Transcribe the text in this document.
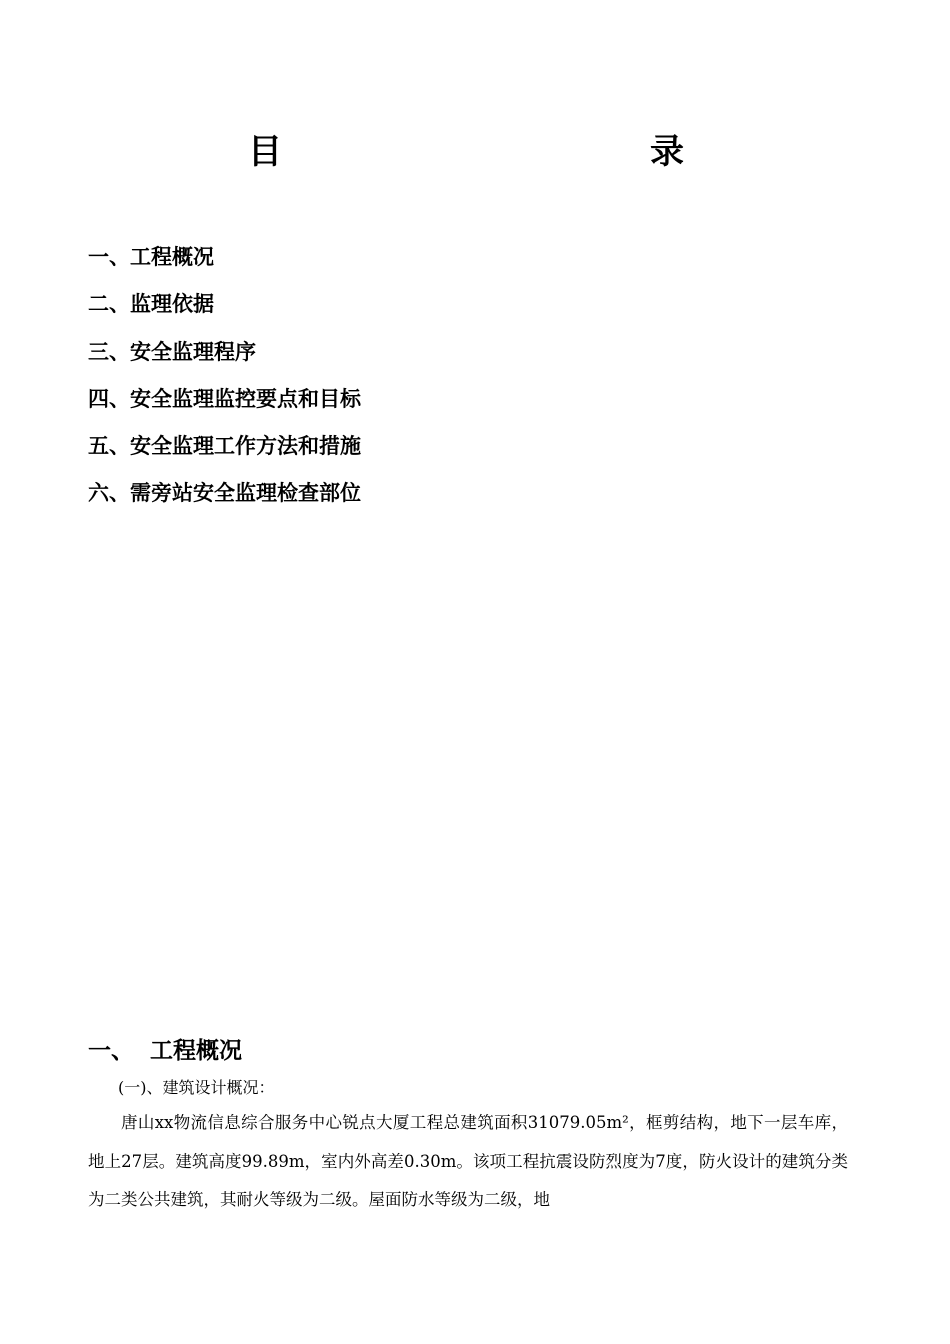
目	录
一、工程概况
二、监理依据
三、安全监理程序
四、安全监理监控要点和目标
五、安全监理工作方法和措施
六、需旁站安全监理检查部位
一、 工程概况
(一)、建筑设计概况：

唐山xx物流信息综合服务中心锐点大厦工程总建筑面积31079.05m²，框剪结构，地下一层车库，地上27层。建筑高度99.89m，室内外高差0.30m。该项工程抗震设防烈度为7度，防火设计的建筑分类为二类公共建筑，其耐火等级为二级。屋面防水等级为二级，地
